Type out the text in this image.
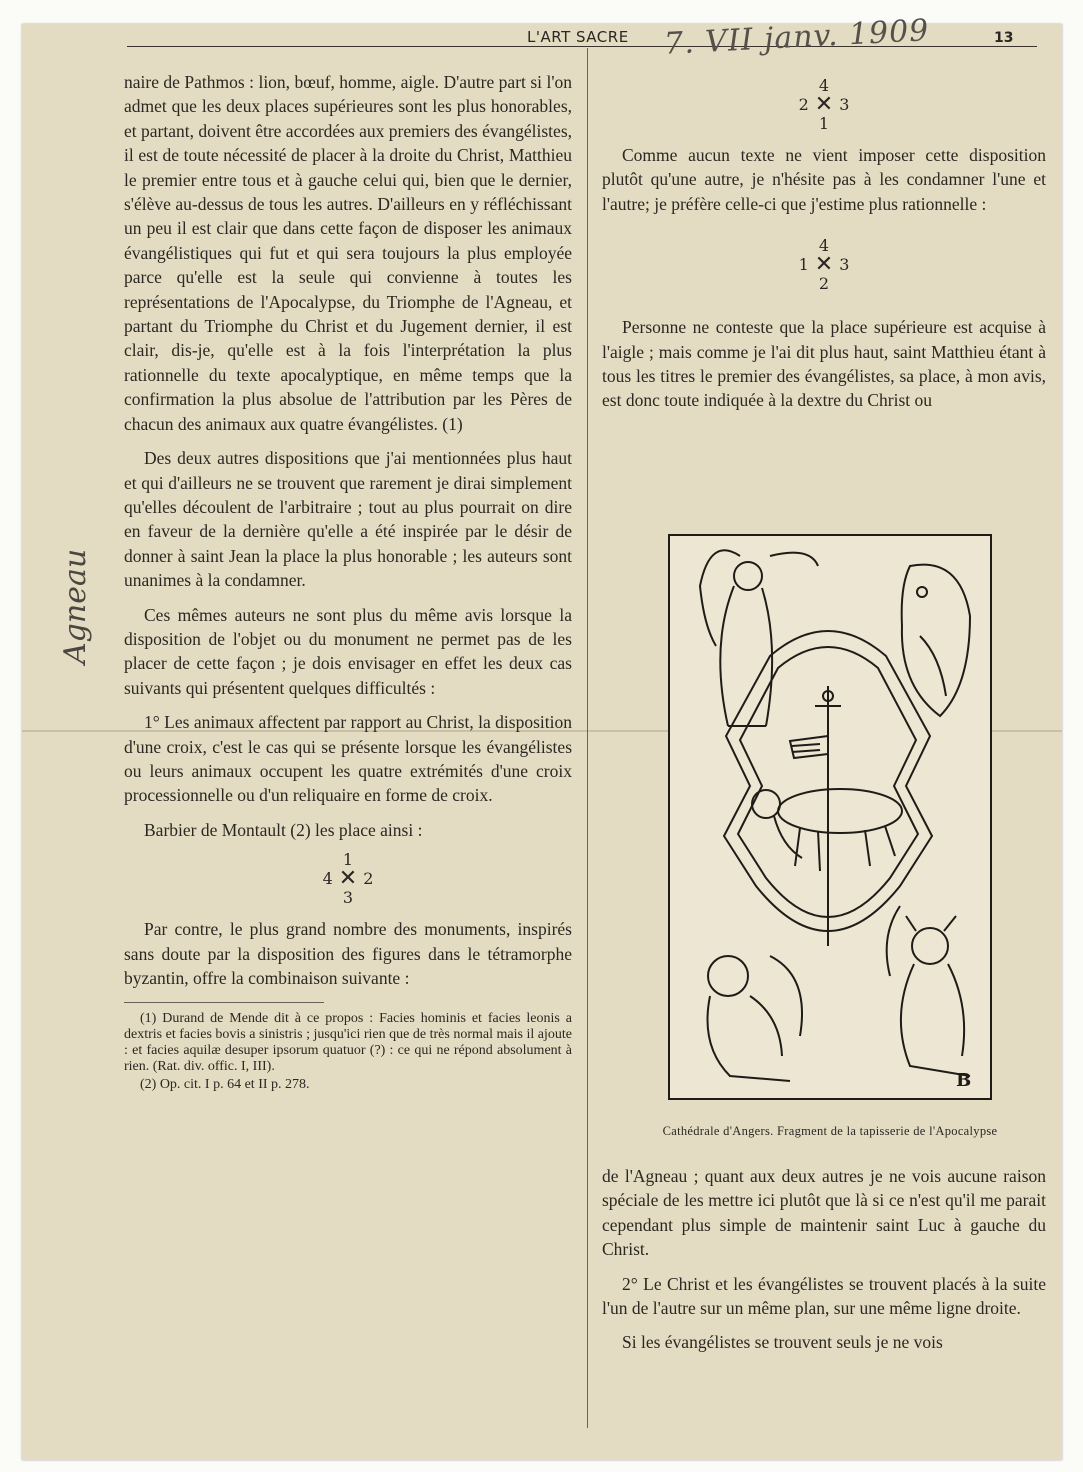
L'ART SACRE 7. VII janv. 1909	13
Agneau

naire de Pathmos : lion, bœuf, homme, aigle. D'autre part si l'on admet que les deux places supérieures sont les plus honorables, et partant, doivent être accordées aux premiers des évangélistes, il est de toute nécessité de placer à la droite du Christ, Matthieu le premier entre tous et à gauche celui qui, bien que le dernier, s'élève au-dessus de tous les autres. D'ailleurs en y réfléchissant un peu il est clair que dans cette façon de disposer les animaux évangélistiques qui fut et qui sera toujours la plus employée parce qu'elle est la seule qui convienne à toutes les représentations de l'Apocalypse, du Triomphe de l'Agneau, et partant du Triomphe du Christ et du Jugement dernier, il est clair, dis-je, qu'elle est à la fois l'interprétation la plus rationnelle du texte apocalyptique, en même temps que la confirmation la plus absolue de l'attribution par les Pères de chacun des animaux aux quatre évangélistes. (1)

Des deux autres dispositions que j'ai mentionnées plus haut et qui d'ailleurs ne se trouvent que rarement je dirai simplement qu'elles découlent de l'arbitraire ; tout au plus pourrait on dire en faveur de la dernière qu'elle a été inspirée par le désir de donner à saint Jean la place la plus honorable ; les auteurs sont unanimes à la condamner.

Ces mêmes auteurs ne sont plus du même avis lorsque la disposition de l'objet ou du monument ne permet pas de les placer de cette façon ; je dois envisager en effet les deux cas suivants qui présentent quelques difficultés :

1° Les animaux affectent par rapport au Christ, la disposition d'une croix, c'est le cas qui se présente lorsque les évangélistes ou leurs animaux occupent les quatre extrémités d'une croix processionnelle ou d'un reliquaire en forme de croix.

Barbier de Montault (2) les place ainsi :

1
4 ✕ 2
3

Par contre, le plus grand nombre des monuments, inspirés sans doute par la disposition des figures dans le tétramorphe byzantin, offre la combinaison suivante :

(1) Durand de Mende dit à ce propos : Facies hominis et facies leonis a dextris et facies bovis a sinistris ; jusqu'ici rien que de très normal mais il ajoute : et facies aquilæ desuper ipsorum quatuor (?) : ce qui ne répond absolument à rien. (Rat. div. offic. I, III).

(2) Op. cit. I p. 64 et II p. 278.

4
2 ✕ 3
1

Comme aucun texte ne vient imposer cette disposition plutôt qu'une autre, je n'hésite pas à les condamner l'une et l'autre; je préfère celle-ci que j'estime plus rationnelle :

4
1 ✕ 3
2

Personne ne conteste que la place supérieure est acquise à l'aigle ; mais comme je l'ai dit plus haut, saint Matthieu étant à tous les titres le premier des évangélistes, sa place, à mon avis, est donc toute indiquée à la dextre du Christ ou

B
Cathédrale d'Angers. Fragment de la tapisserie de l'Apocalypse

de l'Agneau ; quant aux deux autres je ne vois aucune raison spéciale de les mettre ici plutôt que là si ce n'est qu'il me parait cependant plus simple de maintenir saint Luc à gauche du Christ.

2° Le Christ et les évangélistes se trouvent placés à la suite l'un de l'autre sur un même plan, sur une même ligne droite.

Si les évangélistes se trouvent seuls je ne vois
